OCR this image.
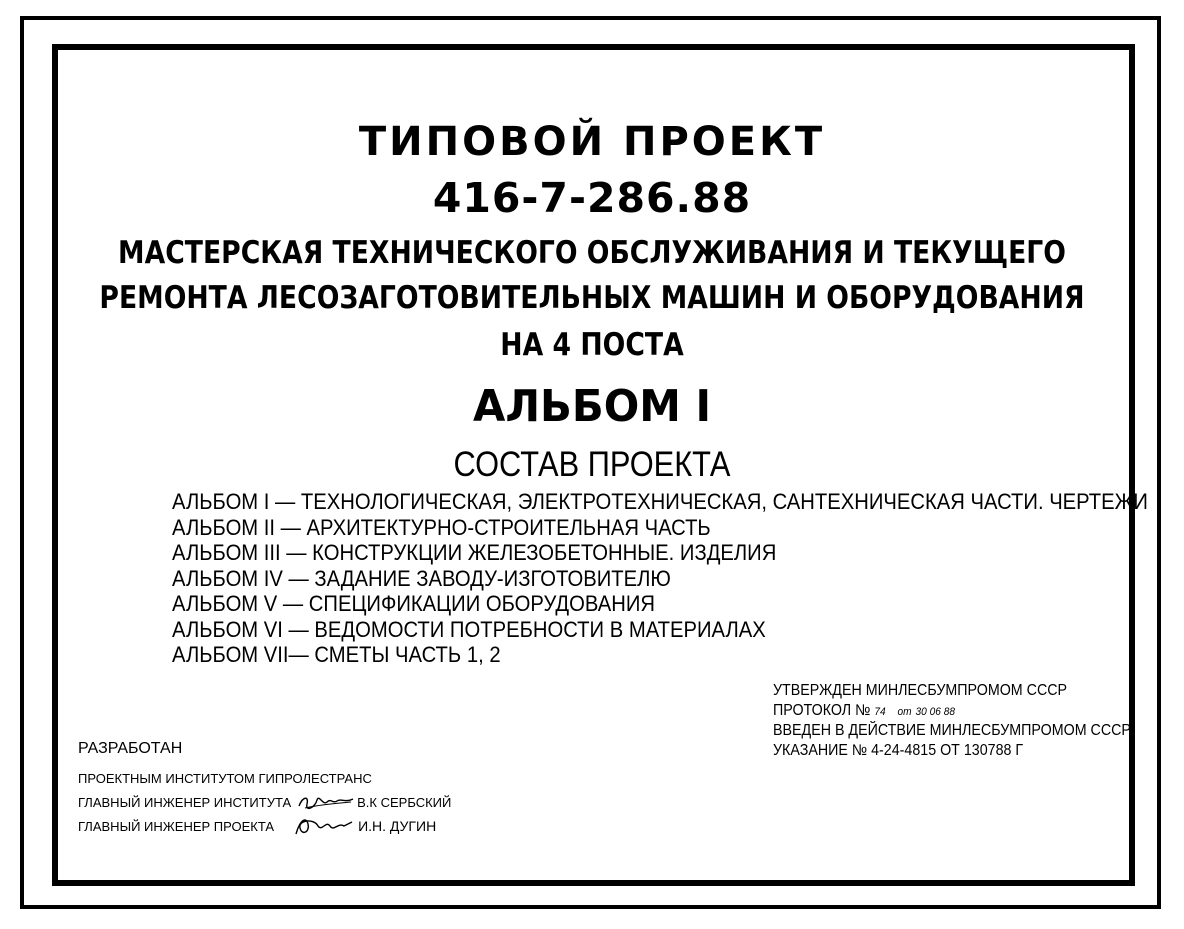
ТИПОВОЙ ПРОЕКТ
416-7-286.88
МАСТЕРСКАЯ ТЕХНИЧЕСКОГО ОБСЛУЖИВАНИЯ И ТЕКУЩЕГО
РЕМОНТА ЛЕСОЗАГОТОВИТЕЛЬНЫХ МАШИН И ОБОРУДОВАНИЯ
НА 4 ПОСТА
АЛЬБОМ I
СОСТАВ ПРОЕКТА
АЛЬБОМ I — ТЕХНОЛОГИЧЕСКАЯ, ЭЛЕКТРОТЕХНИЧЕСКАЯ, САНТЕХНИЧЕСКАЯ ЧАСТИ. ЧЕРТЕЖИ
АЛЬБОМ II — АРХИТЕКТУРНО-СТРОИТЕЛЬНАЯ ЧАСТЬ
АЛЬБОМ III — КОНСТРУКЦИИ ЖЕЛЕЗОБЕТОННЫЕ. ИЗДЕЛИЯ
АЛЬБОМ IV — ЗАДАНИЕ ЗАВОДУ-ИЗГОТОВИТЕЛЮ
АЛЬБОМ V — СПЕЦИФИКАЦИИ ОБОРУДОВАНИЯ
АЛЬБОМ VI — ВЕДОМОСТИ ПОТРЕБНОСТИ В МАТЕРИАЛАХ
АЛЬБОМ VII— СМЕТЫ ЧАСТЬ 1, 2
УТВЕРЖДЕН МИНЛЕСБУМПРОМОМ СССР
ПРОТОКОЛ № 74 от 30 06 88
ВВЕДЕН В ДЕЙСТВИЕ МИНЛЕСБУМПРОМОМ СССР
УКАЗАНИЕ № 4-24-4815 ОТ 130788 Г
РАЗРАБОТАН
ПРОЕКТНЫМ ИНСТИТУТОМ ГИПРОЛЕСТРАНС
ГЛАВНЫЙ ИНЖЕНЕР ИНСТИТУТА	В.К СЕРБСКИЙ
ГЛАВНЫЙ ИНЖЕНЕР ПРОЕКТА	И.Н. ДУГИН
